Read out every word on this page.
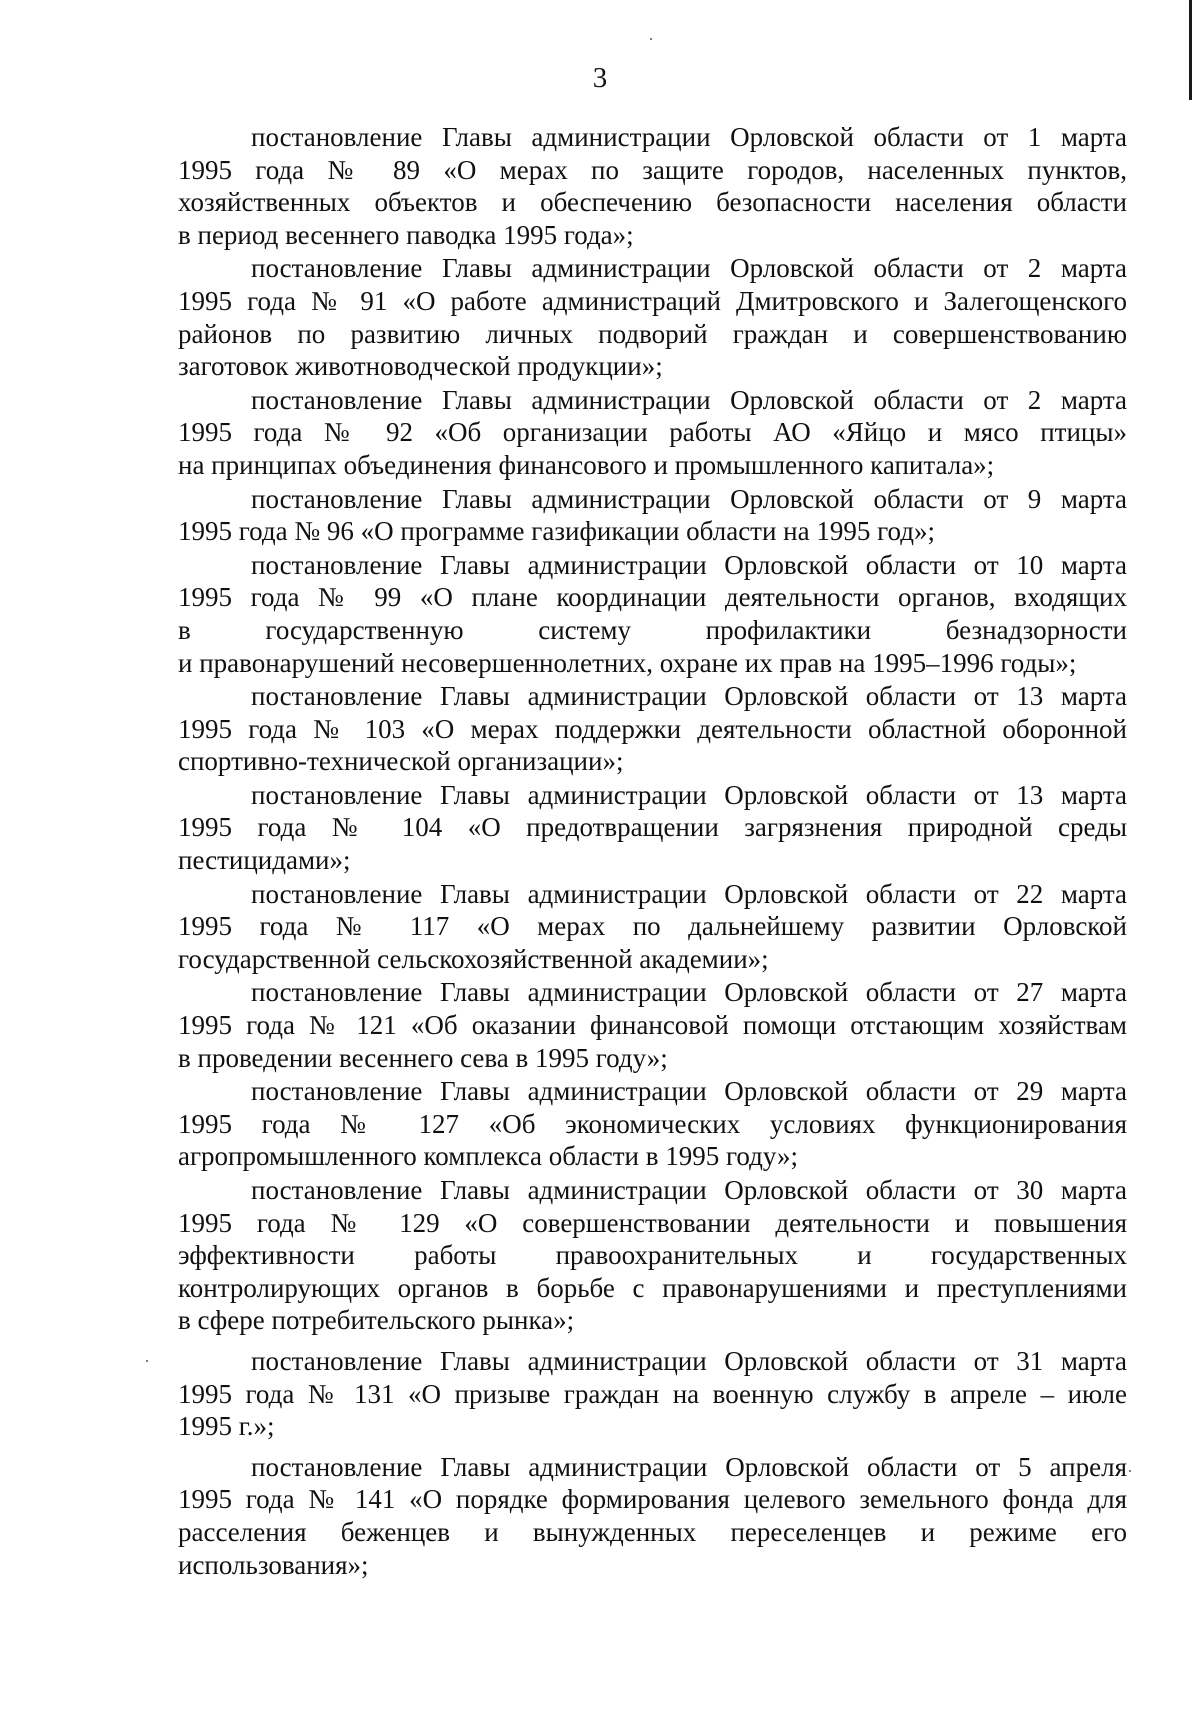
3
постановление Главы администрации Орловской области от 1 марта
1995 года № 89 «О мерах по защите городов, населенных пунктов,
хозяйственных объектов и обеспечению безопасности населения области
в период весеннего паводка 1995 года»;
постановление Главы администрации Орловской области от 2 марта
1995 года № 91 «О работе администраций Дмитровского и Залегощенского
районов по развитию личных подворий граждан и совершенствованию
заготовок животноводческой продукции»;
постановление Главы администрации Орловской области от 2 марта
1995 года № 92 «Об организации работы АО «Яйцо и мясо птицы»
на принципах объединения финансового и промышленного капитала»;
постановление Главы администрации Орловской области от 9 марта
1995 года № 96 «О программе газификации области на 1995 год»;
постановление Главы администрации Орловской области от 10 марта
1995 года № 99 «О плане координации деятельности органов, входящих
в государственную систему профилактики безнадзорности
и правонарушений несовершеннолетних, охране их прав на 1995–1996 годы»;
постановление Главы администрации Орловской области от 13 марта
1995 года № 103 «О мерах поддержки деятельности областной оборонной
спортивно-технической организации»;
постановление Главы администрации Орловской области от 13 марта
1995 года № 104 «О предотвращении загрязнения природной среды
пестицидами»;
постановление Главы администрации Орловской области от 22 марта
1995 года № 117 «О мерах по дальнейшему развитии Орловской
государственной сельскохозяйственной академии»;
постановление Главы администрации Орловской области от 27 марта
1995 года № 121 «Об оказании финансовой помощи отстающим хозяйствам
в проведении весеннего сева в 1995 году»;
постановление Главы администрации Орловской области от 29 марта
1995 года № 127 «Об экономических условиях функционирования
агропромышленного комплекса области в 1995 году»;
постановление Главы администрации Орловской области от 30 марта
1995 года № 129 «О совершенствовании деятельности и повышения
эффективности работы правоохранительных и государственных
контролирующих органов в борьбе с правонарушениями и преступлениями
в сфере потребительского рынка»;
постановление Главы администрации Орловской области от 31 марта
1995 года № 131 «О призыве граждан на военную службу в апреле – июле
1995 г.»;
постановление Главы администрации Орловской области от 5 апреля
1995 года № 141 «О порядке формирования целевого земельного фонда для
расселения беженцев и вынужденных переселенцев и режиме его
использования»;
